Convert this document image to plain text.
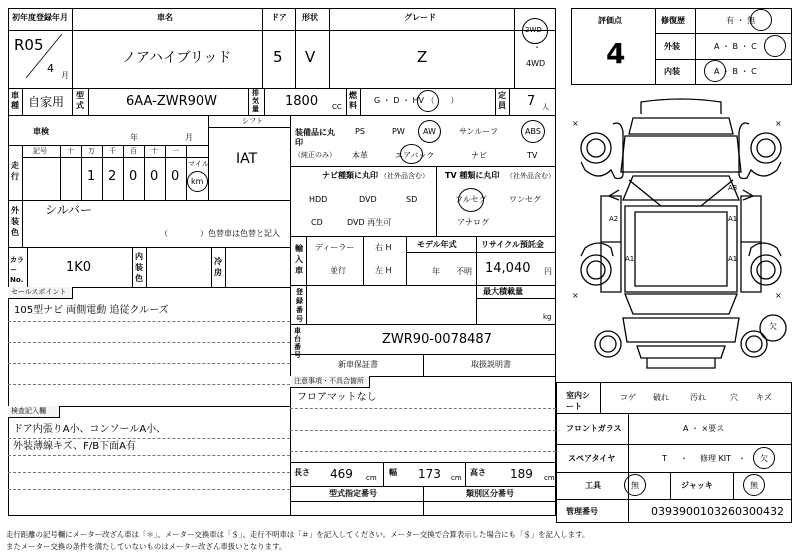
初年度登録年月	車名	ドア 形状	グレード
R05
4
月
ノアハイブリッド	5 V	Z
2WD
・
4WD
車種 自家用 型式	6AA-ZWR90W
排気量 1800 CC
燃料
G ・ D ・ HV （　　）
定員 7 人
車検
年	月
シフト
IAT
走行
記号	十 万 千 百 十 一
1 2 0 0 0
マイル
km
外装色
シルバー
（　　　　）色替車は色替と記入
カラーNo.
1K0
内装色
冷房
セールスポイント
105型ナビ 両側電動 追従クルーズ
検査記入欄
ドア内張りA小、コンソールA小、
外装薄線キズ、F/B下面A有
装備品に丸印
（純正のみ）
PS	PW AW	サンルーフ	ABS
本革	エアバック	ナビ	TV
ナビ種類に丸印 （社外品含む） TV 種類に丸印 （社外品含む）
HDD	DVD	SD
CD	DVD 再生可
フルセグ	ワンセグ
アナログ
輸入車
ディーラー
並行
右 H
左 H
モデル年式
年 不明
リサイクル預託金
14,040 円
登録番号
最大積載量
kg
車台番号
ZWR90-0078487
新車保証書	取扱説明書
注意事項・不具合箇所
フロアマットなし
長さ 469 cm
幅 173 cm
高さ 189 cm
型式指定番号	類別区分番号
評価点
4
修復歴	有 ・ 無
外装	A ・ B ・ C
内装	A ・ B ・ C
A3
A1
A2
A1	A1
欠
×	×
×	×
室内シート
コゲ 破れ	汚れ	穴 キズ
フロントガラス	A ・ ×要ス
スペアタイヤ	T ・ 修理 KIT ・ 欠
工具	無	ジャッキ	無
管理番号	0393900103260300432
走行距離の記号欄にメーター改ざん車は「＊」、メーター交換車は「＄」、走行不明車は「＃」を記入してください。メーター交換で合算表示した場合にも「＄」を記入します。
またメーター交換の条件を満たしていないものはメーター改ざん車扱いとなります。
